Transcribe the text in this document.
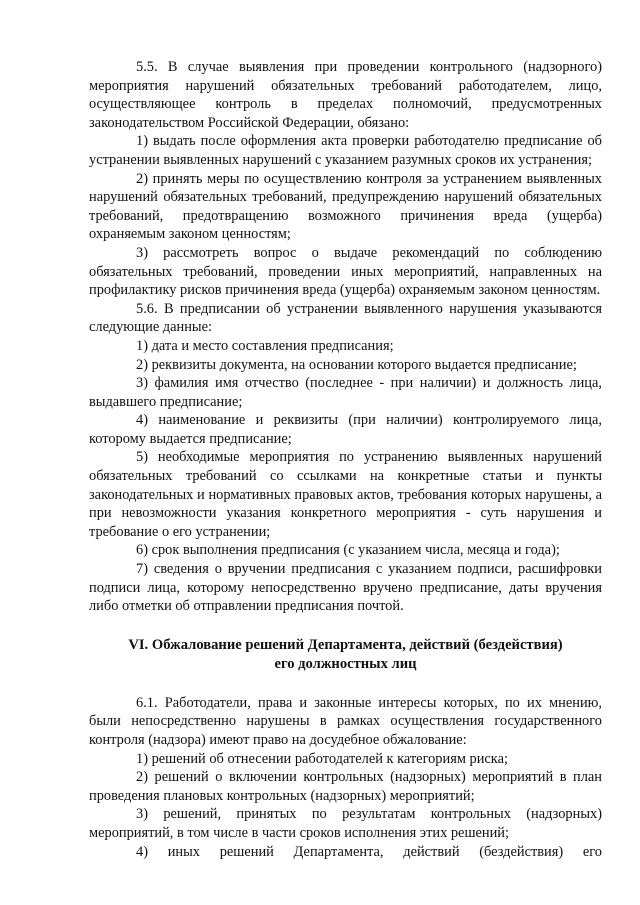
5.5. В случае выявления при проведении контрольного (надзорного) мероприятия нарушений обязательных требований работодателем, лицо, осуществляющее контроль в пределах полномочий, предусмотренных законодательством Российской Федерации, обязано:

1) выдать после оформления акта проверки работодателю предписание об устранении выявленных нарушений с указанием разумных сроков их устранения;

2) принять меры по осуществлению контроля за устранением выявленных нарушений обязательных требований, предупреждению нарушений обязательных требований, предотвращению возможного причинения вреда (ущерба) охраняемым законом ценностям;

3) рассмотреть вопрос о выдаче рекомендаций по соблюдению обязательных требований, проведении иных мероприятий, направленных на профилактику рисков причинения вреда (ущерба) охраняемым законом ценностям.

5.6. В предписании об устранении выявленного нарушения указываются следующие данные:

1) дата и место составления предписания;

2) реквизиты документа, на основании которого выдается предписание;

3) фамилия имя отчество (последнее - при наличии) и должность лица, выдавшего предписание;

4) наименование и реквизиты (при наличии) контролируемого лица, которому выдается предписание;

5) необходимые мероприятия по устранению выявленных нарушений обязательных требований со ссылками на конкретные статьи и пункты законодательных и нормативных правовых актов, требования которых нарушены, а при невозможности указания конкретного мероприятия - суть нарушения и требование о его устранении;

6) срок выполнения предписания (с указанием числа, месяца и года);

7) сведения о вручении предписания с указанием подписи, расшифровки подписи лица, которому непосредственно вручено предписание, даты вручения либо отметки об отправлении предписания почтой.

VI. Обжалование решений Департамента, действий (бездействия)
его должностных лиц

6.1. Работодатели, права и законные интересы которых, по их мнению, были непосредственно нарушены в рамках осуществления государственного контроля (надзора) имеют право на досудебное обжалование:

1) решений об отнесении работодателей к категориям риска;

2) решений о включении контрольных (надзорных) мероприятий в план проведения плановых контрольных (надзорных) мероприятий;

3) решений, принятых по результатам контрольных (надзорных) мероприятий, в том числе в части сроков исполнения этих решений;

4) иных решений Департамента, действий (бездействия) его
